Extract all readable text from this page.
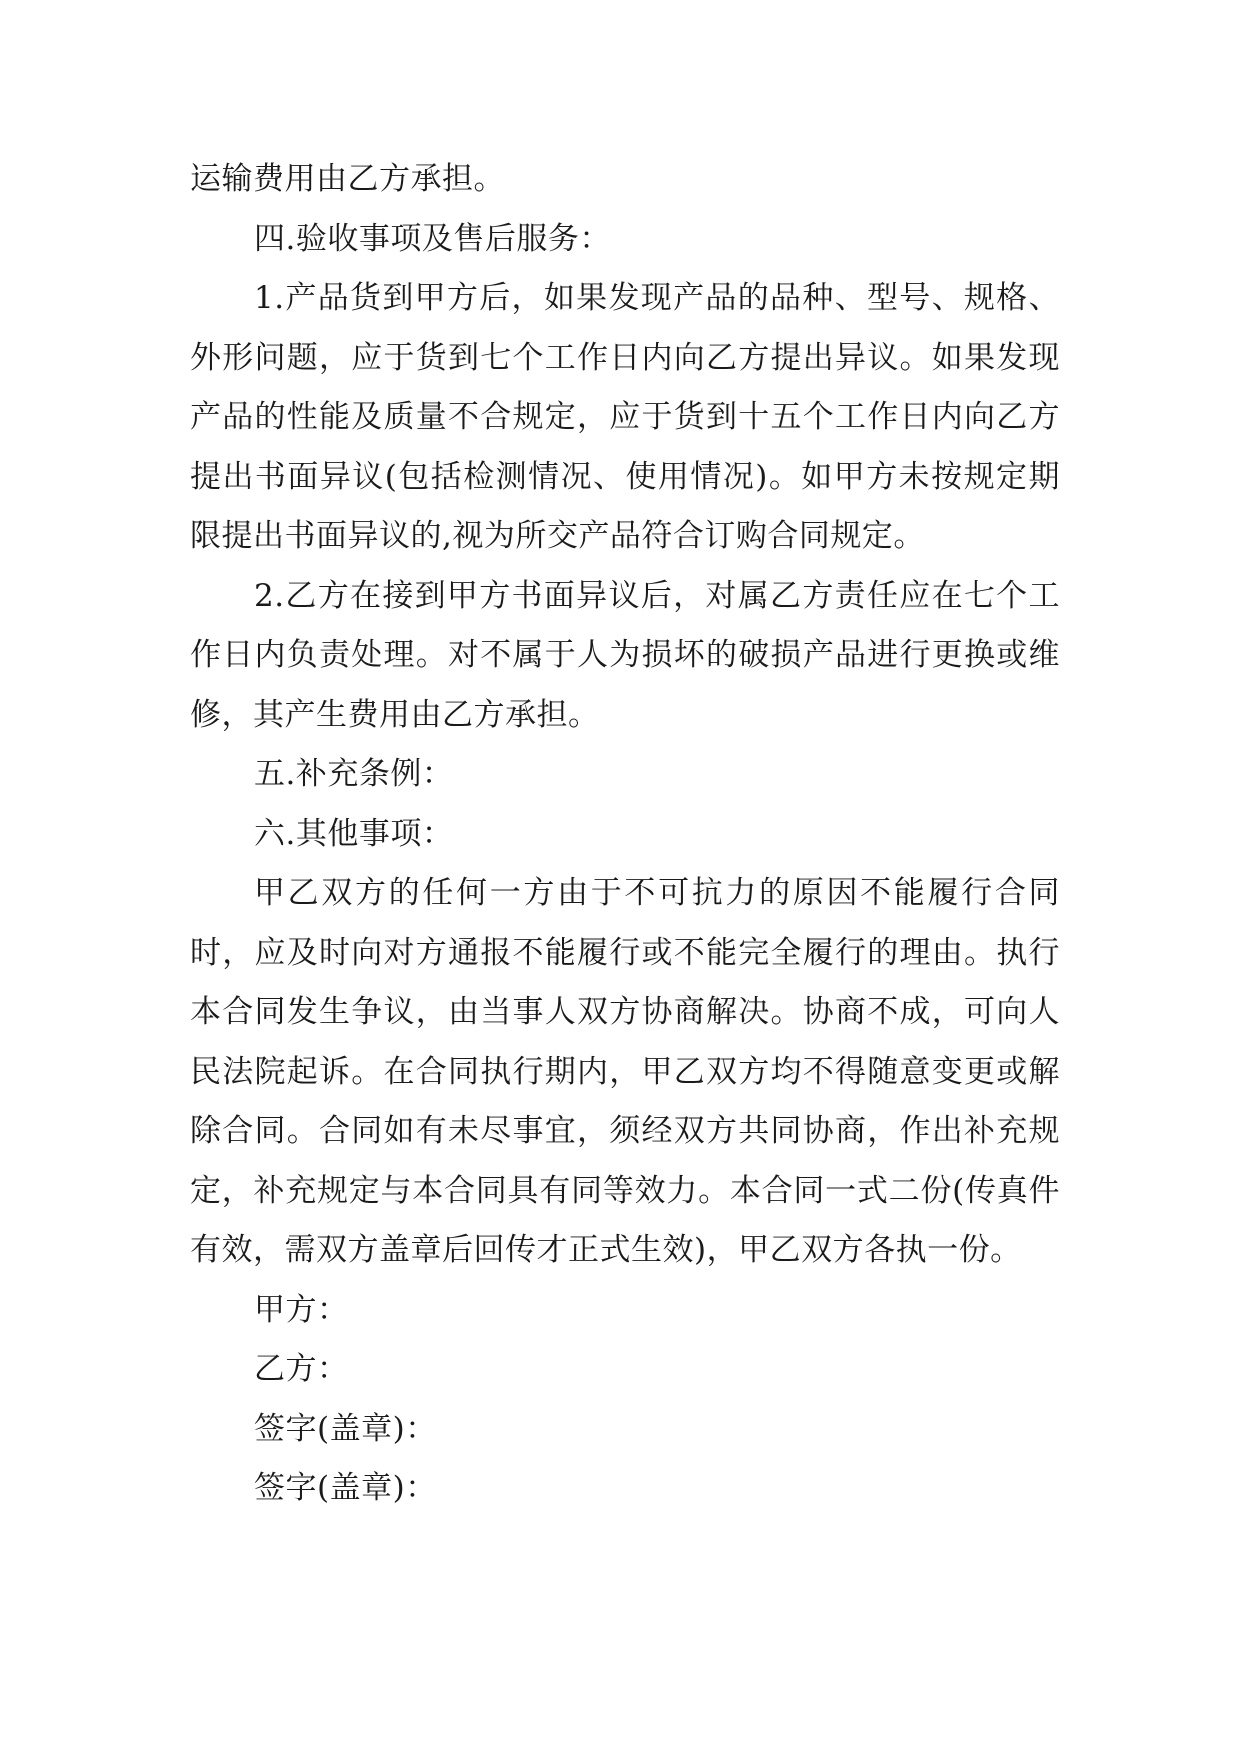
运输费用由乙方承担。

四.验收事项及售后服务：

1.产品货到甲方后，如果发现产品的品种、型号、规格、外形问题，应于货到七个工作日内向乙方提出异议。如果发现产品的性能及质量不合规定，应于货到十五个工作日内向乙方提出书面异议(包括检测情况、使用情况)。如甲方未按规定期限提出书面异议的,视为所交产品符合订购合同规定。

2.乙方在接到甲方书面异议后，对属乙方责任应在七个工作日内负责处理。对不属于人为损坏的破损产品进行更换或维修，其产生费用由乙方承担。

五.补充条例：

六.其他事项：

甲乙双方的任何一方由于不可抗力的原因不能履行合同时，应及时向对方通报不能履行或不能完全履行的理由。执行本合同发生争议，由当事人双方协商解决。协商不成，可向人民法院起诉。在合同执行期内，甲乙双方均不得随意变更或解除合同。合同如有未尽事宜，须经双方共同协商，作出补充规定，补充规定与本合同具有同等效力。本合同一式二份(传真件有效，需双方盖章后回传才正式生效)，甲乙双方各执一份。

甲方：

乙方：

签字(盖章)：

签字(盖章)：
